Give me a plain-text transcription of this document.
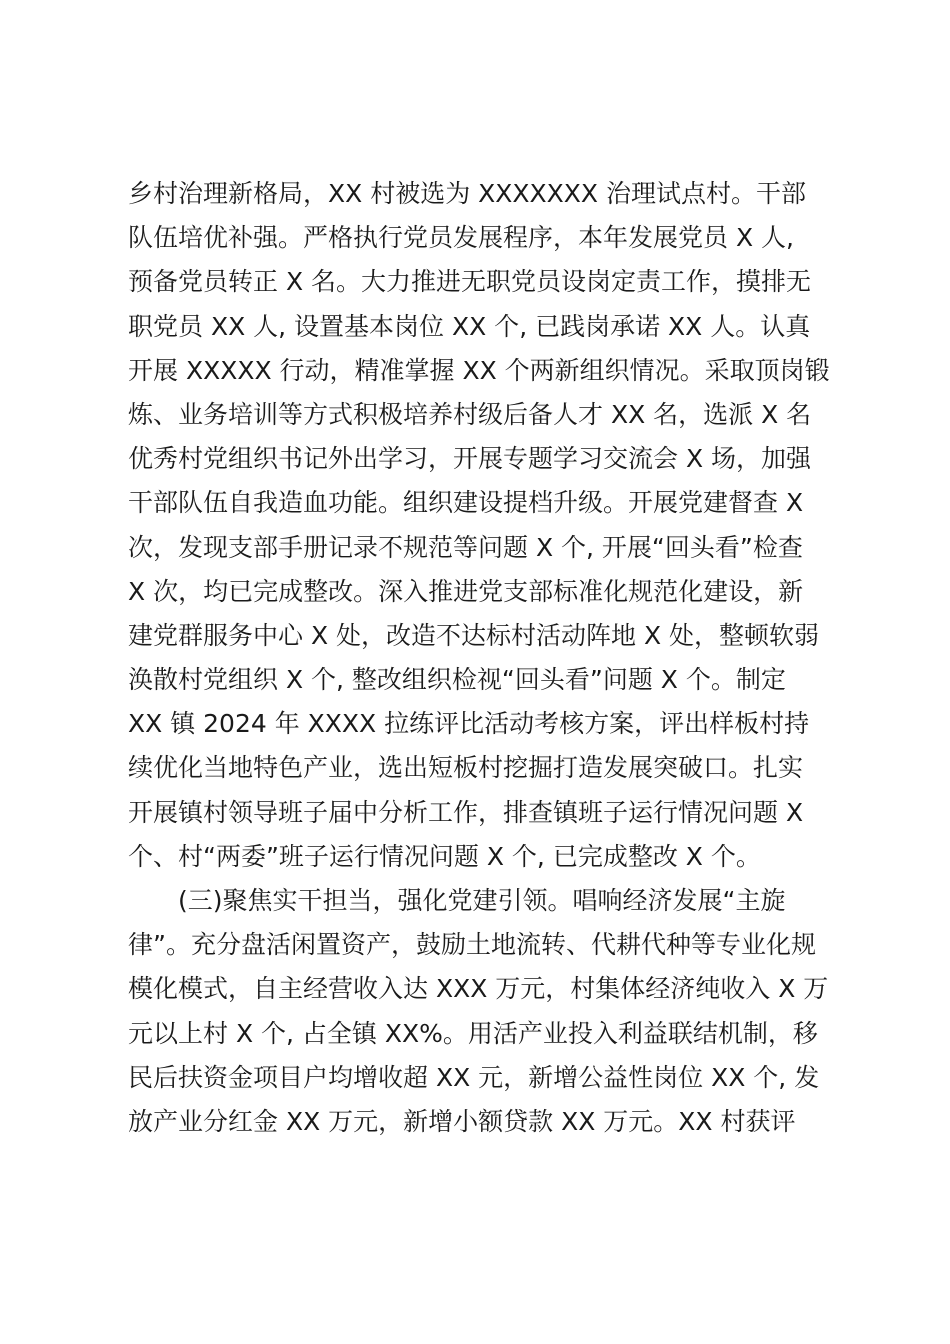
乡村治理新格局，XX 村被选为 XXXXXXX 治理试点村。干部
队伍培优补强。严格执行党员发展程序，本年发展党员 X 人,
预备党员转正 X 名。大力推进无职党员设岗定责工作，摸排无
职党员 XX 人, 设置基本岗位 XX 个, 已践岗承诺 XX 人。认真
开展 XXXXX 行动，精准掌握 XX 个两新组织情况。采取顶岗锻
炼、业务培训等方式积极培养村级后备人才 XX 名，选派 X 名
优秀村党组织书记外出学习，开展专题学习交流会 X 场，加强
干部队伍自我造血功能。组织建设提档升级。开展党建督查 X
次，发现支部手册记录不规范等问题 X 个, 开展“回头看”检查
X 次，均已完成整改。深入推进党支部标准化规范化建设，新
建党群服务中心 X 处，改造不达标村活动阵地 X 处，整顿软弱
涣散村党组织 X 个, 整改组织检视“回头看”问题 X 个。制定
XX 镇 2024 年 XXXX 拉练评比活动考核方案，评出样板村持
续优化当地特色产业，选出短板村挖掘打造发展突破口。扎实
开展镇村领导班子届中分析工作，排查镇班子运行情况问题 X
个、村“两委”班子运行情况问题 X 个, 已完成整改 X 个。
　　(三)聚焦实干担当，强化党建引领。唱响经济发展“主旋
律”。充分盘活闲置资产，鼓励土地流转、代耕代种等专业化规
模化模式，自主经营收入达 XXX 万元，村集体经济纯收入 X 万
元以上村 X 个, 占全镇 XX%。用活产业投入利益联结机制，移
民后扶资金项目户均增收超 XX 元，新增公益性岗位 XX 个, 发
放产业分红金 XX 万元，新增小额贷款 XX 万元。XX 村获评
